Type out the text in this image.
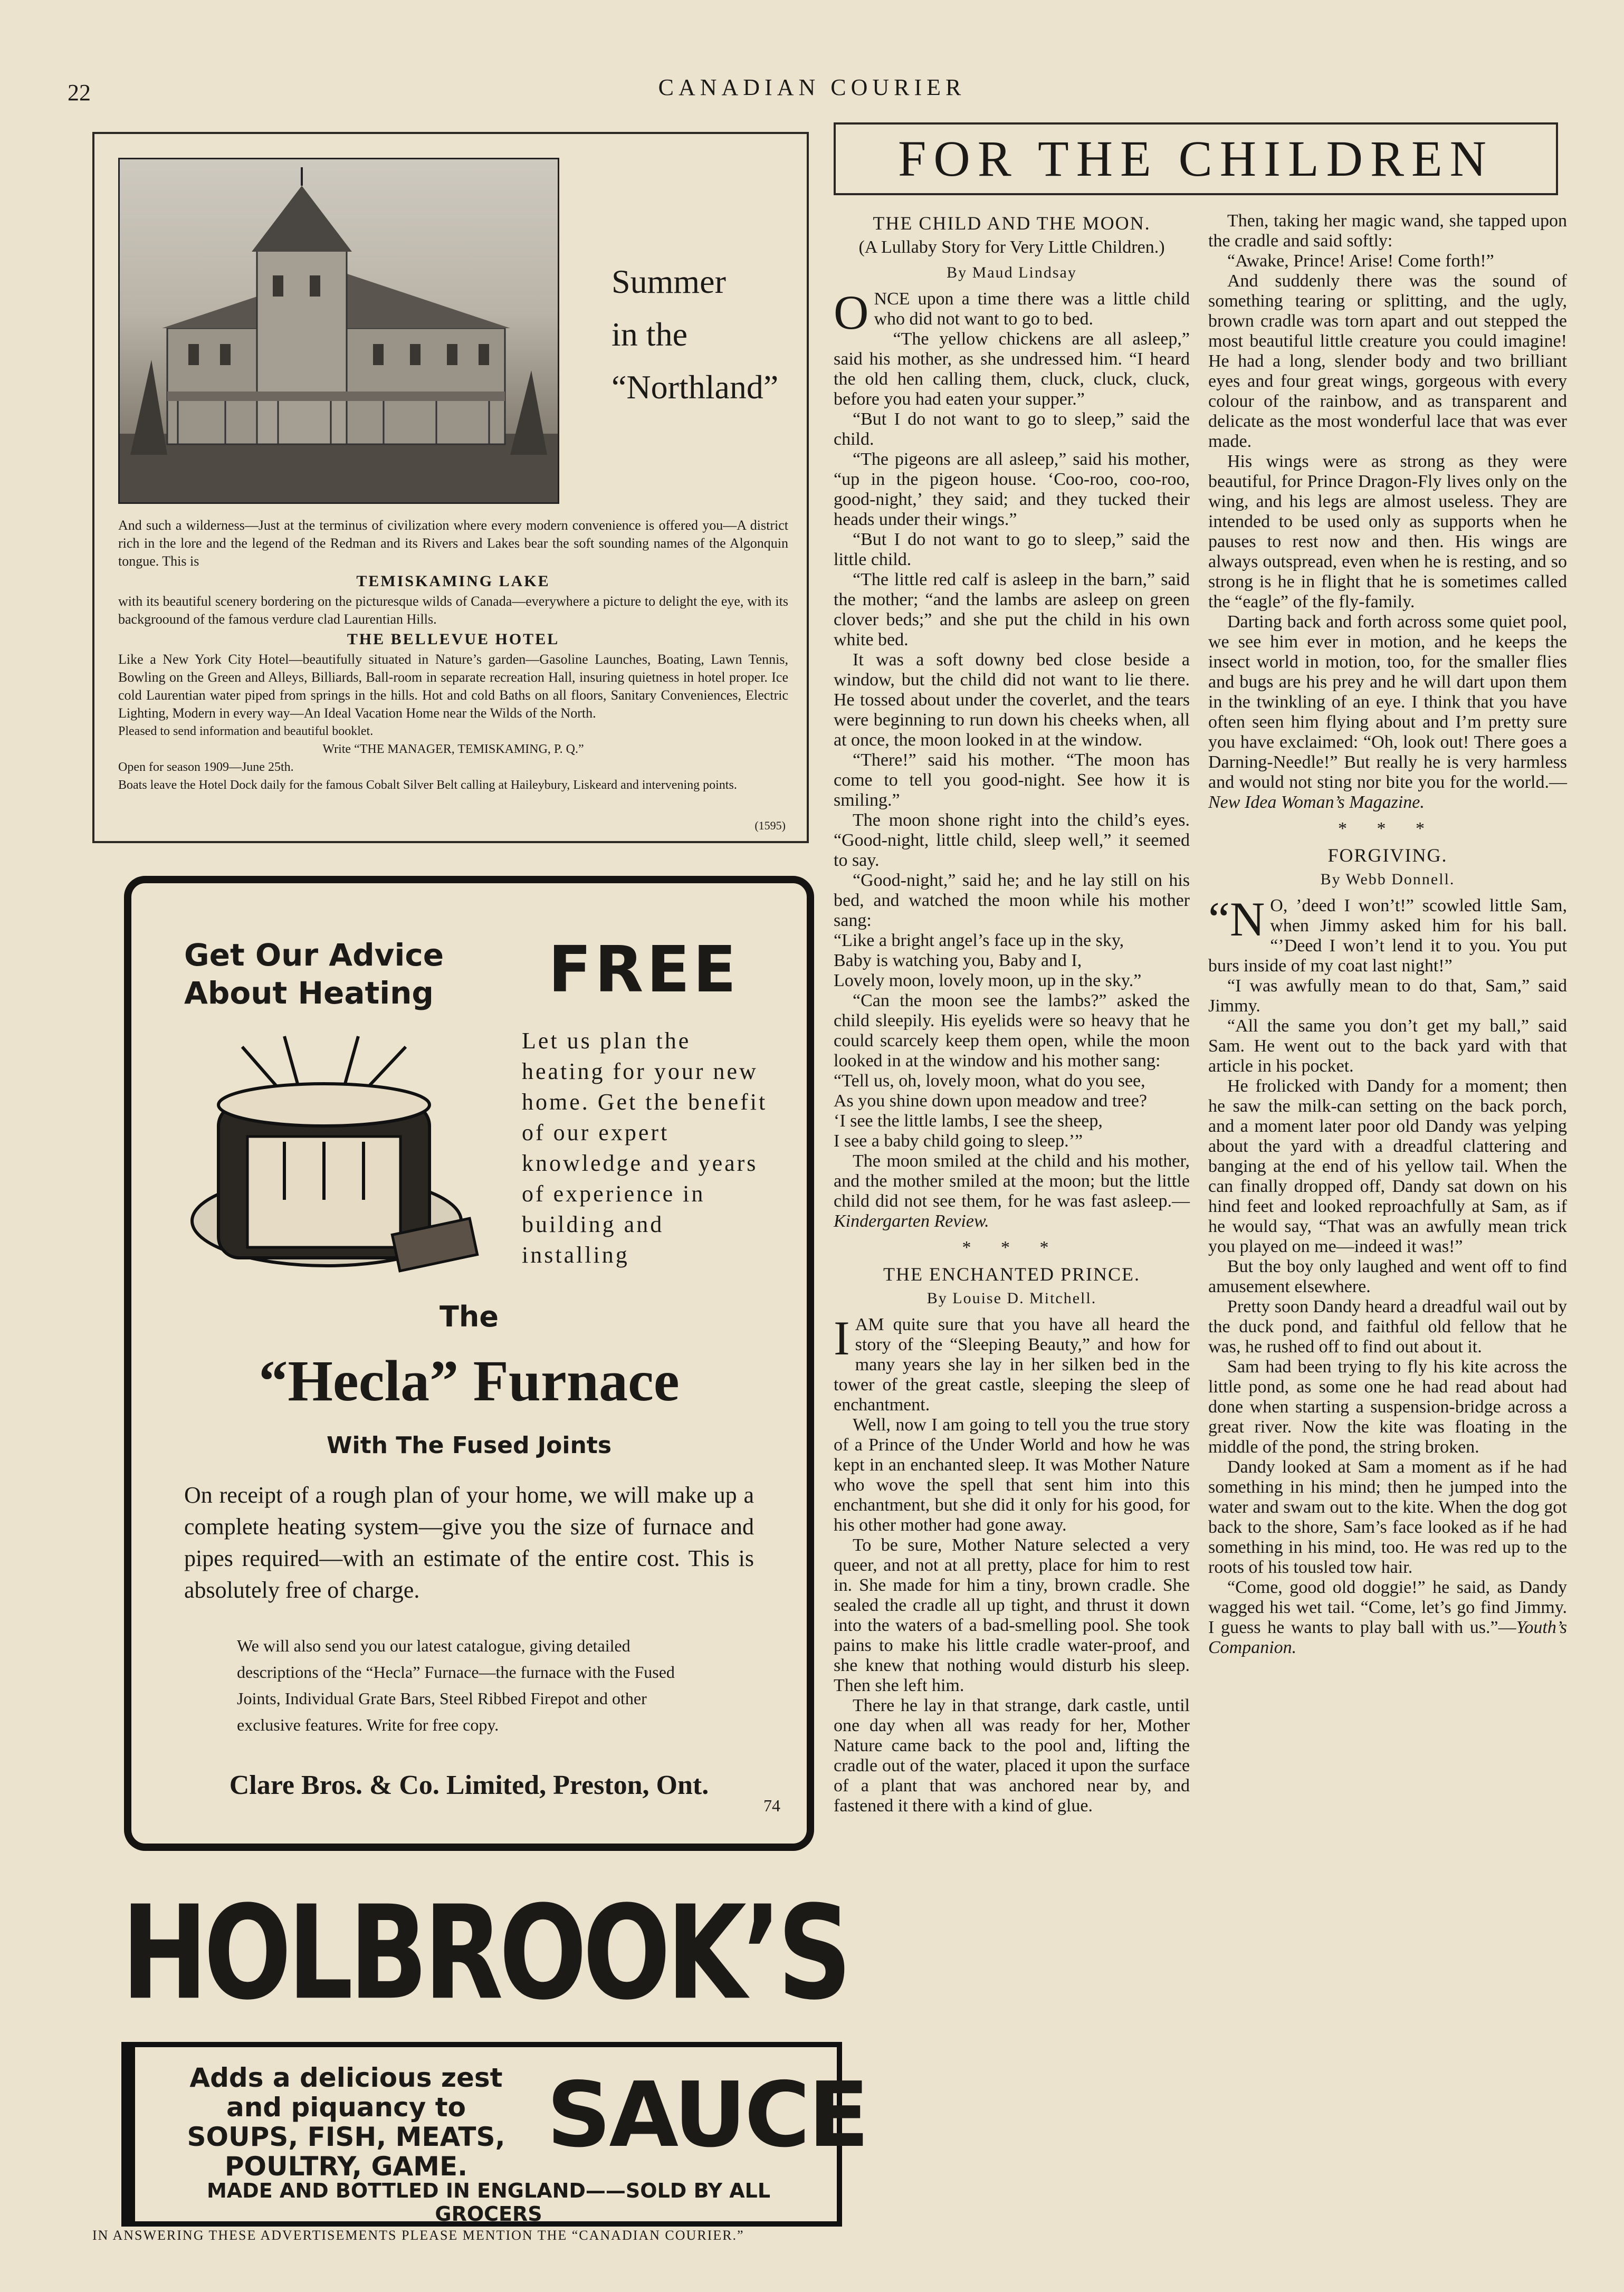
22	CANADIAN COURIER
Summer
in the
“Northland”

And such a wilderness—Just at the terminus of civilization where every modern convenience is offered you—A district rich in the lore and the legend of the Redman and its Rivers and Lakes bear the soft sounding names of the Algonquin tongue. This is

TEMISKAMING LAKE

with its beautiful scenery bordering on the picturesque wilds of Canada—everywhere a picture to delight the eye, with its backgroound of the famous verdure clad Laurentian Hills.

THE BELLEVUE HOTEL

Like a New York City Hotel—beautifully situated in Nature’s garden—Gasoline Launches, Boating, Lawn Tennis, Bowling on the Green and Alleys, Billiards, Ball-room in separate recreation Hall, insuring quietness in hotel proper. Ice cold Laurentian water piped from springs in the hills. Hot and cold Baths on all floors, Sanitary Conveniences, Electric Lighting, Modern in every way—An Ideal Vacation Home near the Wilds of the North.

Pleased to send information and beautiful booklet.

Write “THE MANAGER, TEMISKAMING, P. Q.”

Open for season 1909—June 25th.

Boats leave the Hotel Dock daily for the famous Cobalt Silver Belt calling at Haileybury, Liskeard and intervening points.

(1595)
Get Our Advice
About Heating FREE
Let us plan the heating for your new home. Get the benefit of our expert knowledge and years of experience in building and installing
The
“Hecla” Furnace
With The Fused Joints
On receipt of a rough plan of your home, we will make up a complete heating system—give you the size of furnace and pipes required—with an estimate of the entire cost. This is absolutely free of charge.
We will also send you our latest catalogue, giving detailed descriptions of the “Hecla” Furnace—the furnace with the Fused Joints, Individual Grate Bars, Steel Ribbed Firepot and other exclusive features. Write for free copy.
Clare Bros. & Co. Limited, Preston, Ont.
74
HOLBROOK’S
Adds a delicious zest
and piquancy to
SOUPS, FISH, MEATS,
POULTRY, GAME. SAUCE
MADE AND BOTTLED IN ENGLAND——SOLD BY ALL GROCERS
IN ANSWERING THESE ADVERTISEMENTS PLEASE MENTION THE “CANADIAN COURIER.”
FOR THE CHILDREN

THE CHILD AND THE MOON.

(A Lullaby Story for Very Little Children.)

By Maud Lindsay

ONCE upon a time there was a little child who did not want to go to bed.

“The yellow chickens are all asleep,” said his mother, as she undressed him. “I heard the old hen calling them, cluck, cluck, cluck, before you had eaten your supper.”

“But I do not want to go to sleep,” said the child.

“The pigeons are all asleep,” said his mother, “up in the pigeon house. ‘Coo-roo, coo-roo, good-night,’ they said; and they tucked their heads under their wings.”

“But I do not want to go to sleep,” said the little child.

“The little red calf is asleep in the barn,” said the mother; “and the lambs are asleep on green clover beds;” and she put the child in his own white bed.

It was a soft downy bed close beside a window, but the child did not want to lie there. He tossed about under the coverlet, and the tears were beginning to run down his cheeks when, all at once, the moon looked in at the window.

“There!” said his mother. “The moon has come to tell you good-night. See how it is smiling.”

The moon shone right into the child’s eyes. “Good-night, little child, sleep well,” it seemed to say.

“Good-night,” said he; and he lay still on his bed, and watched the moon while his mother sang:

“Like a bright angel’s face up in the sky,

Baby is watching you, Baby and I,

Lovely moon, lovely moon, up in the sky.”

“Can the moon see the lambs?” asked the child sleepily. His eyelids were so heavy that he could scarcely keep them open, while the moon looked in at the window and his mother sang:

“Tell us, oh, lovely moon, what do you see,

As you shine down upon meadow and tree?

‘I see the little lambs, I see the sheep,

I see a baby child going to sleep.’”

The moon smiled at the child and his mother, and the mother smiled at the moon; but the little child did not see them, for he was fast asleep.— Kindergarten Review.

* * *

THE ENCHANTED PRINCE.

By Louise D. Mitchell.

IAM quite sure that you have all heard the story of the “Sleeping Beauty,” and how for many years she lay in her silken bed in the tower of the great castle, sleeping the sleep of enchantment.

Well, now I am going to tell you the true story of a Prince of the Under World and how he was kept in an enchanted sleep. It was Mother Nature who wove the spell that sent him into this enchantment, but she did it only for his good, for his other mother had gone away.

To be sure, Mother Nature selected a very queer, and not at all pretty, place for him to rest in. She made for him a tiny, brown cradle. She sealed the cradle all up tight, and thrust it down into the waters of a bad-smelling pool. She took pains to make his little cradle water-proof, and she knew that nothing would disturb his sleep. Then she left him.

There he lay in that strange, dark castle, until one day when all was ready for her, Mother Nature came back to the pool and, lifting the cradle out of the water, placed it upon the surface of a plant that was anchored near by, and fastened it there with a kind of glue.

Then, taking her magic wand, she tapped upon the cradle and said softly:

“Awake, Prince! Arise! Come forth!”

And suddenly there was the sound of something tearing or splitting, and the ugly, brown cradle was torn apart and out stepped the most beautiful little creature you could imagine! He had a long, slender body and two brilliant eyes and four great wings, gorgeous with every colour of the rainbow, and as transparent and delicate as the most wonderful lace that was ever made.

His wings were as strong as they were beautiful, for Prince Dragon-Fly lives only on the wing, and his legs are almost useless. They are intended to be used only as supports when he pauses to rest now and then. His wings are always outspread, even when he is resting, and so strong is he in flight that he is sometimes called the “eagle” of the fly-family.

Darting back and forth across some quiet pool, we see him ever in motion, and he keeps the insect world in motion, too, for the smaller flies and bugs are his prey and he will dart upon them in the twinkling of an eye. I think that you have often seen him flying about and I’m pretty sure you have exclaimed: “Oh, look out! There goes a Darning-Needle!” But really he is very harmless and would not sting nor bite you for the world.—New Idea Woman’s Magazine.

* * *

FORGIVING.

By Webb Donnell.

“N O, ’deed I won’t!” scowled little Sam, when Jimmy asked him for his ball. “’Deed I won’t lend it to you. You put burs inside of my coat last night!”

“I was awfully mean to do that, Sam,” said Jimmy.

“All the same you don’t get my ball,” said Sam. He went out to the back yard with that article in his pocket.

He frolicked with Dandy for a moment; then he saw the milk-can setting on the back porch, and a moment later poor old Dandy was yelping about the yard with a dreadful clattering and banging at the end of his yellow tail. When the can finally dropped off, Dandy sat down on his hind feet and looked reproachfully at Sam, as if he would say, “That was an awfully mean trick you played on me—indeed it was!”

But the boy only laughed and went off to find amusement elsewhere.

Pretty soon Dandy heard a dreadful wail out by the duck pond, and faithful old fellow that he was, he rushed off to find out about it.

Sam had been trying to fly his kite across the little pond, as some one he had read about had done when starting a suspension-bridge across a great river. Now the kite was floating in the middle of the pond, the string broken.

Dandy looked at Sam a moment as if he had something in his mind; then he jumped into the water and swam out to the kite. When the dog got back to the shore, Sam’s face looked as if he had something in his mind, too. He was red up to the roots of his tousled tow hair.

“Come, good old doggie!” he said, as Dandy wagged his wet tail. “Come, let’s go find Jimmy. I guess he wants to play ball with us.”—Youth’s Companion.
